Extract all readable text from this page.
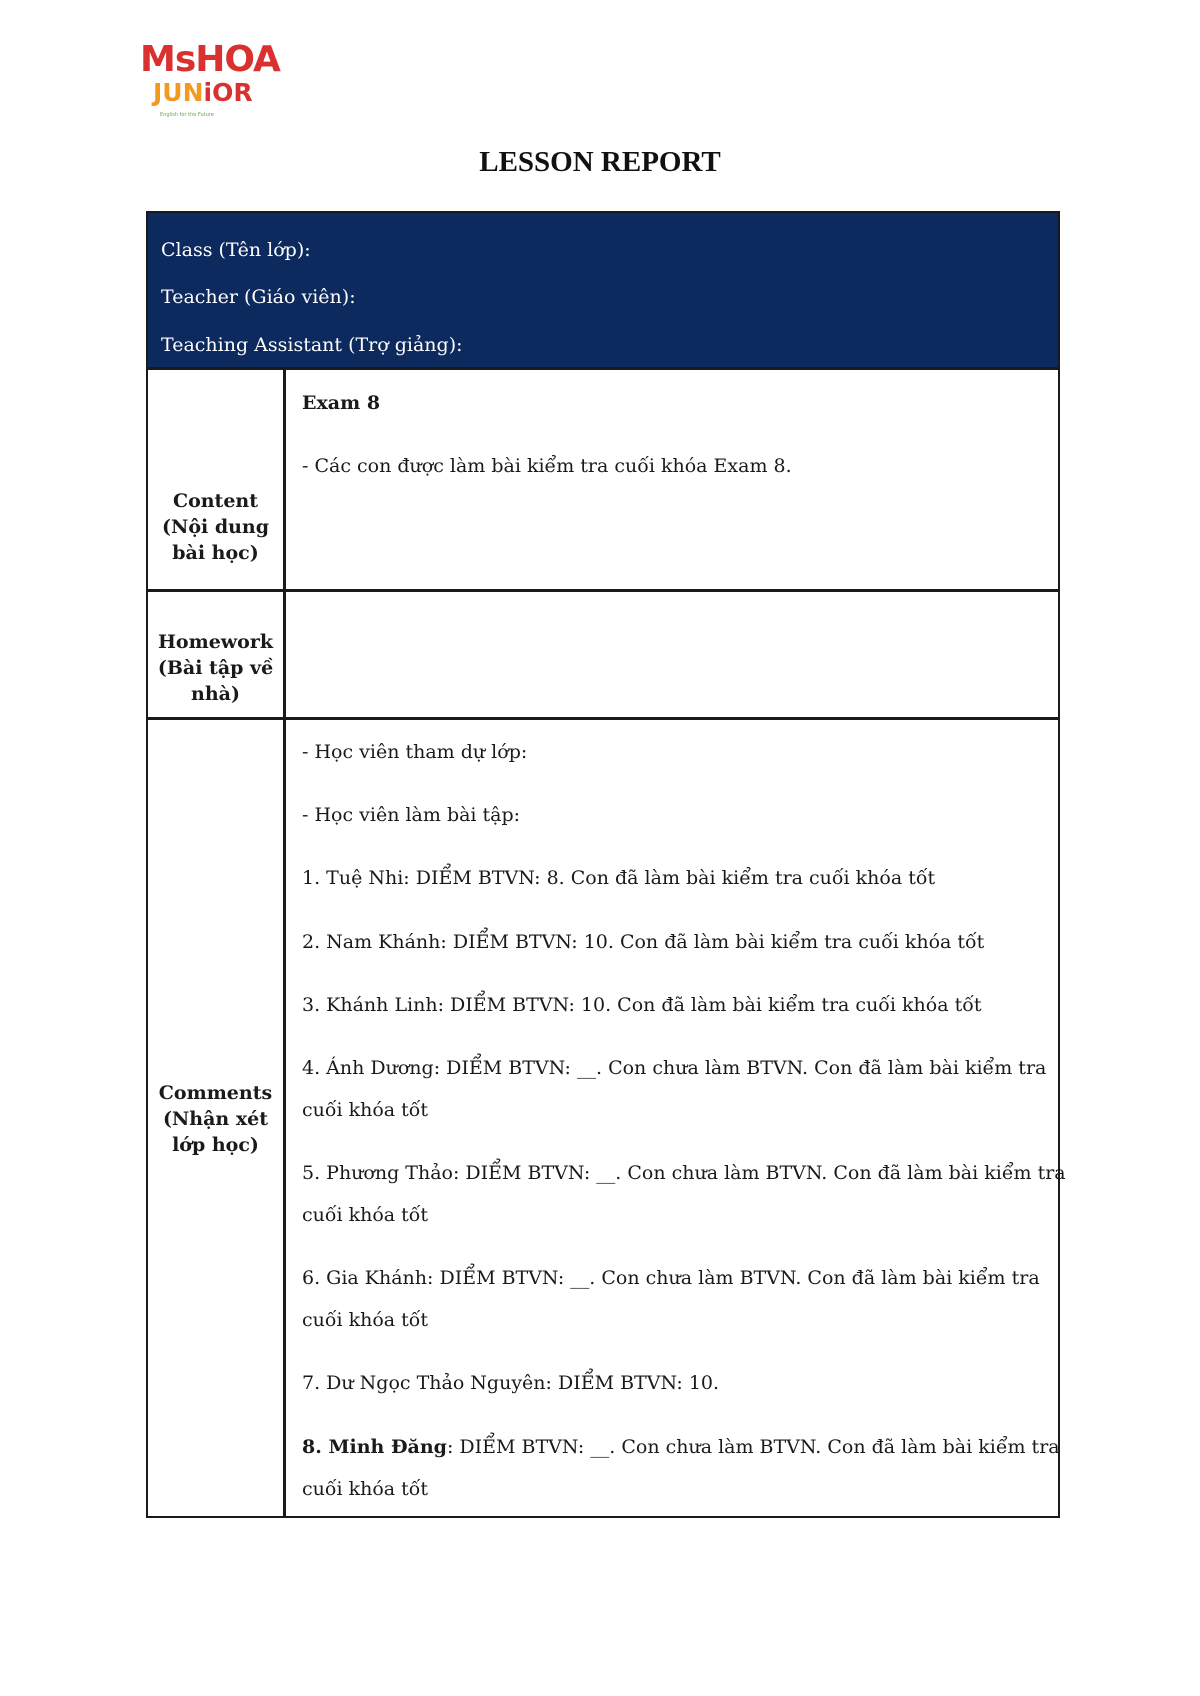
MsHOA
JUNiOR
English for the Future
LESSON REPORT
Class (Tên lớp):
Teacher (Giáo viên):
Teaching Assistant (Trợ giảng):
Content
(Nội dung
bài học)
Exam 8
- Các con được làm bài kiểm tra cuối khóa Exam 8.
Homework
(Bài tập về
nhà)
Comments
(Nhận xét
lớp học)
- Học viên tham dự lớp:
- Học viên làm bài tập:
1. Tuệ Nhi: DIỂM BTVN: 8. Con đã làm bài kiểm tra cuối khóa tốt
2. Nam Khánh: DIỂM BTVN: 10. Con đã làm bài kiểm tra cuối khóa tốt
3. Khánh Linh: DIỂM BTVN: 10. Con đã làm bài kiểm tra cuối khóa tốt
4. Ánh Dương: DIỂM BTVN: __. Con chưa làm BTVN. Con đã làm bài kiểm tra
cuối khóa tốt
5. Phương Thảo: DIỂM BTVN: __. Con chưa làm BTVN. Con đã làm bài kiểm tra
cuối khóa tốt
6. Gia Khánh: DIỂM BTVN: __. Con chưa làm BTVN. Con đã làm bài kiểm tra
cuối khóa tốt
7. Dư Ngọc Thảo Nguyên: DIỂM BTVN: 10.
8. Minh Đăng: DIỂM BTVN: __. Con chưa làm BTVN. Con đã làm bài kiểm tra
cuối khóa tốt
